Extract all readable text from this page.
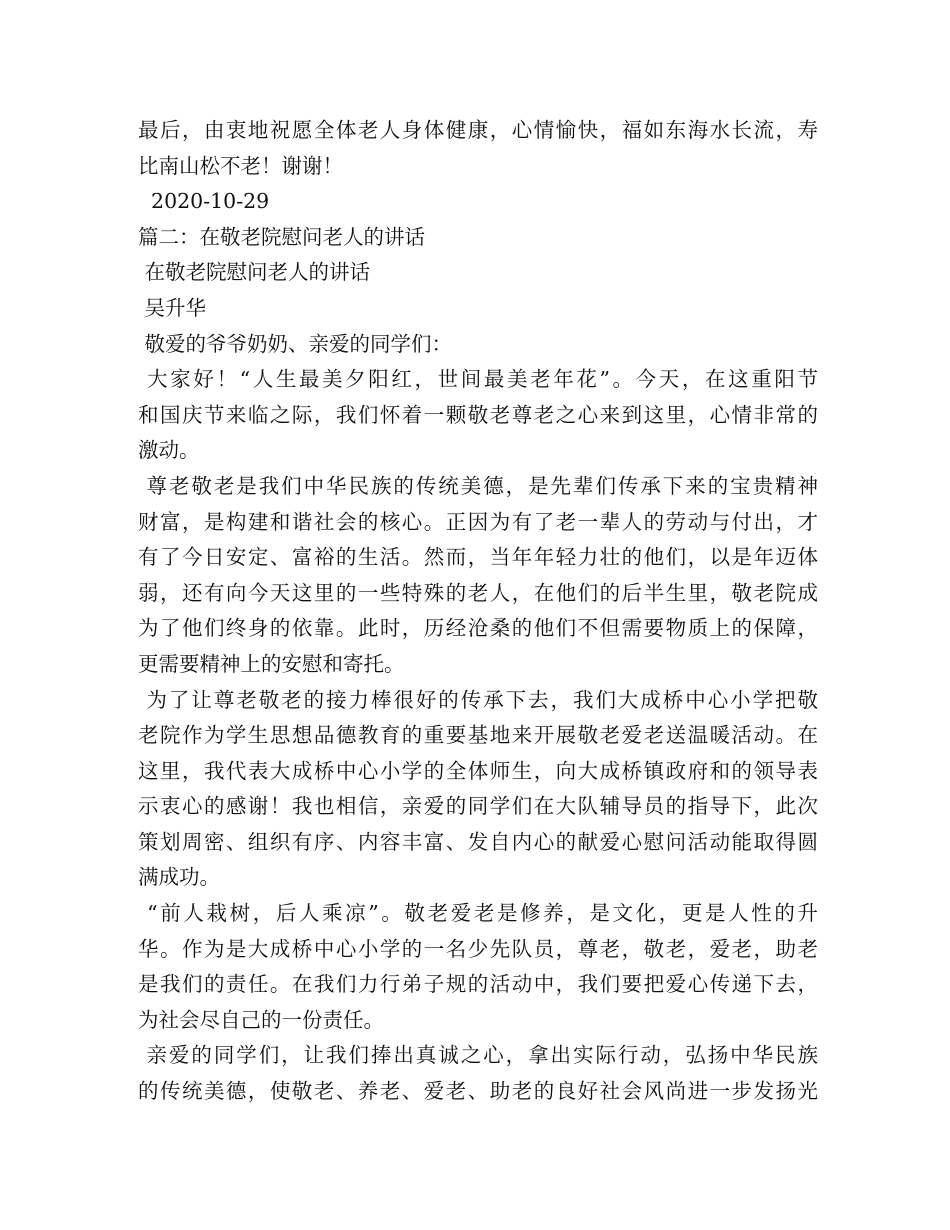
最后，由衷地祝愿全体老人身体健康，心情愉快，福如东海水长流，寿
比南山松不老！谢谢！
2020-10-29
篇二：在敬老院慰问老人的讲话
在敬老院慰问老人的讲话
吴升华
敬爱的爷爷奶奶、亲爱的同学们：
大家好！“人生最美夕阳红，世间最美老年花”。今天，在这重阳节
和国庆节来临之际，我们怀着一颗敬老尊老之心来到这里，心情非常的
激动。
尊老敬老是我们中华民族的传统美德，是先辈们传承下来的宝贵精神
财富，是构建和谐社会的核心。正因为有了老一辈人的劳动与付出，才
有了今日安定、富裕的生活。然而，当年年轻力壮的他们，以是年迈体
弱，还有向今天这里的一些特殊的老人，在他们的后半生里，敬老院成
为了他们终身的依靠。此时，历经沧桑的他们不但需要物质上的保障，
更需要精神上的安慰和寄托。
为了让尊老敬老的接力棒很好的传承下去，我们大成桥中心小学把敬
老院作为学生思想品德教育的重要基地来开展敬老爱老送温暖活动。在
这里，我代表大成桥中心小学的全体师生，向大成桥镇政府和的领导表
示衷心的感谢！我也相信，亲爱的同学们在大队辅导员的指导下，此次
策划周密、组织有序、内容丰富、发自内心的献爱心慰问活动能取得圆
满成功。
“前人栽树，后人乘凉”。敬老爱老是修养，是文化，更是人性的升
华。作为是大成桥中心小学的一名少先队员，尊老，敬老，爱老，助老
是我们的责任。在我们力行弟子规的活动中，我们要把爱心传递下去，
为社会尽自己的一份责任。
亲爱的同学们，让我们捧出真诚之心，拿出实际行动，弘扬中华民族
的传统美德，使敬老、养老、爱老、助老的良好社会风尚进一步发扬光
